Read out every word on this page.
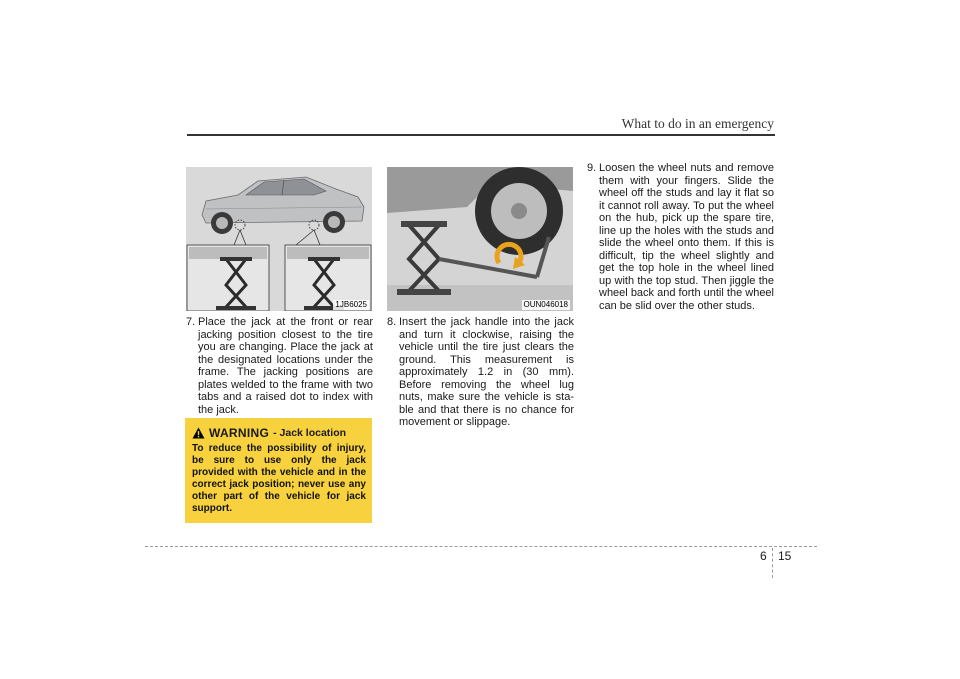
What to do in an emergency
1JB6025	OUN046018
7. Place the jack at the front or rear jacking position closest to the tire you are changing. Place the jack at the designated locations under the frame. The jacking positions are plates welded to the frame with two tabs and a raised dot to index with the jack.
8. Insert the jack handle into the jack and turn it clockwise, raising the vehicle until the tire just clears the ground. This measurement is approximately 1.2 in (30 mm). Before removing the wheel lug nuts, make sure the vehicle is sta-ble and that there is no chance for movement or slippage.
9. Loosen the wheel nuts and remove them with your fingers. Slide the wheel off the studs and lay it flat so it cannot roll away. To put the wheel on the hub, pick up the spare tire, line up the holes with the studs and slide the wheel onto them. If this is difficult, tip the wheel slightly and get the top hole in the wheel lined up with the top stud. Then jiggle the wheel back and forth until the wheel can be slid over the other studs.
WARNING - Jack location
To reduce the possibility of injury, be sure to use only the jack provided with the vehicle and in the correct jack position; never use any other part of the vehicle for jack support.
6 15
